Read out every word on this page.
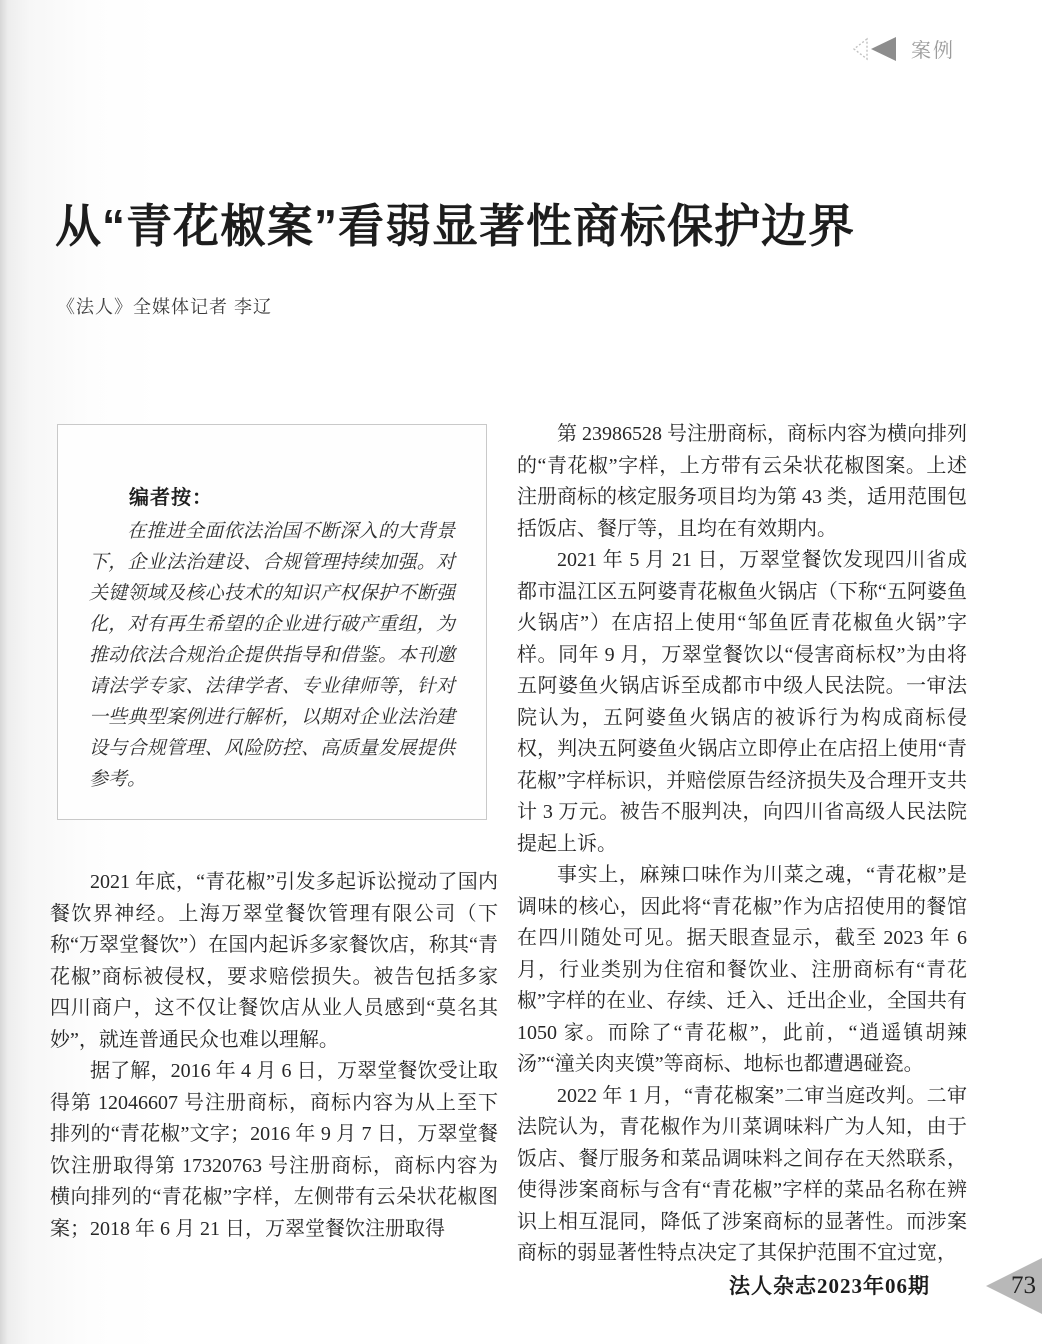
案例
从“青花椒案”看弱显著性商标保护边界
《法人》全媒体记者 李辽
编者按：
在推进全面依法治国不断深入的大背景下，企业法治建设、合规管理持续加强。对关键领域及核心技术的知识产权保护不断强化，对有再生希望的企业进行破产重组，为推动依法合规治企提供指导和借鉴。本刊邀请法学专家、法律学者、专业律师等，针对一些典型案例进行解析，以期对企业法治建设与合规管理、风险防控、高质量发展提供参考。

2021 年底，“青花椒”引发多起诉讼搅动了国内餐饮界神经。上海万翠堂餐饮管理有限公司（下称“万翠堂餐饮”）在国内起诉多家餐饮店，称其“青花椒”商标被侵权，要求赔偿损失。被告包括多家四川商户，这不仅让餐饮店从业人员感到“莫名其妙”，就连普通民众也难以理解。

据了解，2016 年 4 月 6 日，万翠堂餐饮受让取得第 12046607 号注册商标，商标内容为从上至下排列的“青花椒”文字；2016 年 9 月 7 日，万翠堂餐饮注册取得第 17320763 号注册商标，商标内容为横向排列的“青花椒”字样，左侧带有云朵状花椒图案；2018 年 6 月 21 日，万翠堂餐饮注册取得

第 23986528 号注册商标，商标内容为横向排列的“青花椒”字样，上方带有云朵状花椒图案。上述注册商标的核定服务项目均为第 43 类，适用范围包括饭店、餐厅等，且均在有效期内。

2021 年 5 月 21 日，万翠堂餐饮发现四川省成都市温江区五阿婆青花椒鱼火锅店（下称“五阿婆鱼火锅店”）在店招上使用“邹鱼匠青花椒鱼火锅”字样。同年 9 月，万翠堂餐饮以“侵害商标权”为由将五阿婆鱼火锅店诉至成都市中级人民法院。一审法院认为，五阿婆鱼火锅店的被诉行为构成商标侵权，判决五阿婆鱼火锅店立即停止在店招上使用“青花椒”字样标识，并赔偿原告经济损失及合理开支共计 3 万元。被告不服判决，向四川省高级人民法院提起上诉。

事实上，麻辣口味作为川菜之魂，“青花椒”是调味的核心，因此将“青花椒”作为店招使用的餐馆在四川随处可见。据天眼查显示，截至 2023 年 6 月，行业类别为住宿和餐饮业、注册商标有“青花椒”字样的在业、存续、迁入、迁出企业，全国共有 1050 家。而除了“青花椒”，此前，“逍遥镇胡辣汤”“潼关肉夹馍”等商标、地标也都遭遇碰瓷。

2022 年 1 月，“青花椒案”二审当庭改判。二审法院认为，青花椒作为川菜调味料广为人知，由于饭店、餐厅服务和菜品调味料之间存在天然联系，使得涉案商标与含有“青花椒”字样的菜品名称在辨识上相互混同，降低了涉案商标的显著性。而涉案商标的弱显著性特点决定了其保护范围不宜过宽，

法人杂志2023年06期	73
